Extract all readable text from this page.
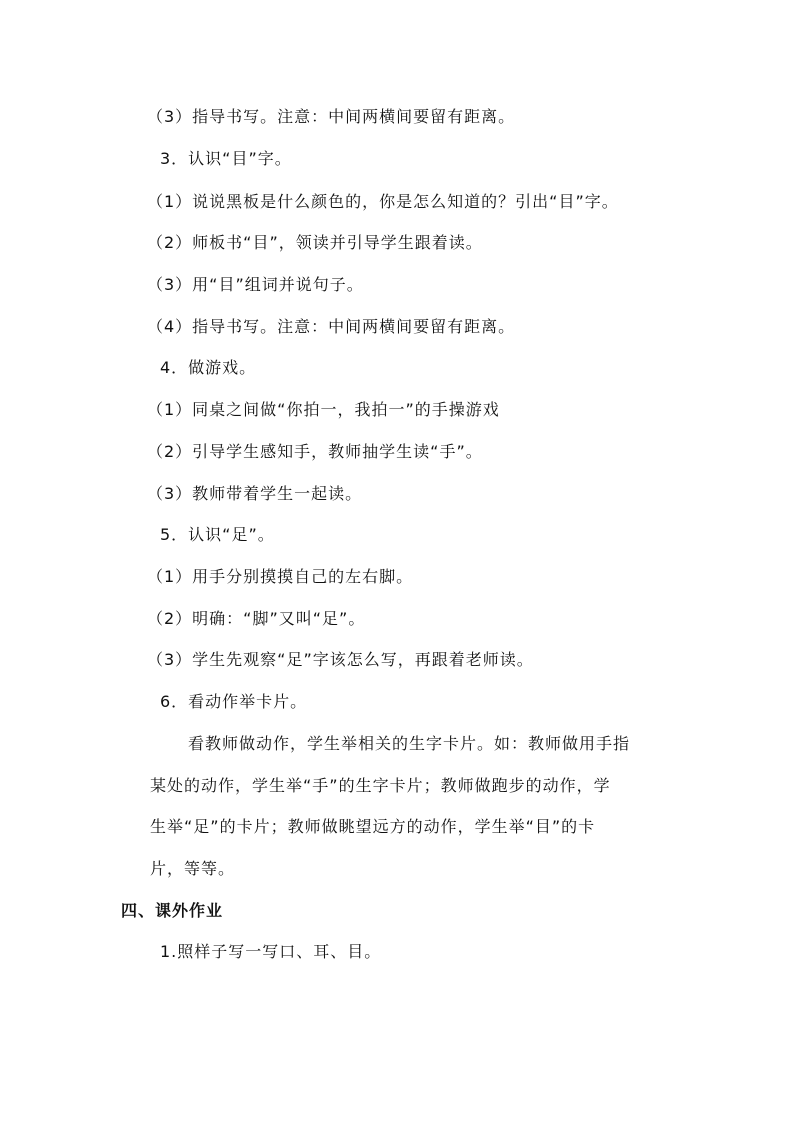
（3）指导书写。注意：中间两横间要留有距离。
3．认识“目”字。
（1）说说黑板是什么颜色的，你是怎么知道的？引出“目”字。
（2）师板书“目”，领读并引导学生跟着读。
（3）用“目”组词并说句子。
（4）指导书写。注意：中间两横间要留有距离。
4．做游戏。
（1）同桌之间做“你拍一，我拍一”的手操游戏
（2）引导学生感知手，教师抽学生读“手”。
（3）教师带着学生一起读。
5．认识“足”。
（1）用手分别摸摸自己的左右脚。
（2）明确：“脚”又叫“足”。
（3）学生先观察“足”字该怎么写，再跟着老师读。
6．看动作举卡片。
看教师做动作，学生举相关的生字卡片。如：教师做用手指
某处的动作，学生举“手”的生字卡片；教师做跑步的动作，学
生举“足”的卡片；教师做眺望远方的动作，学生举“目”的卡
片，等等。
四、课外作业
1.照样子写一写口、耳、目。
